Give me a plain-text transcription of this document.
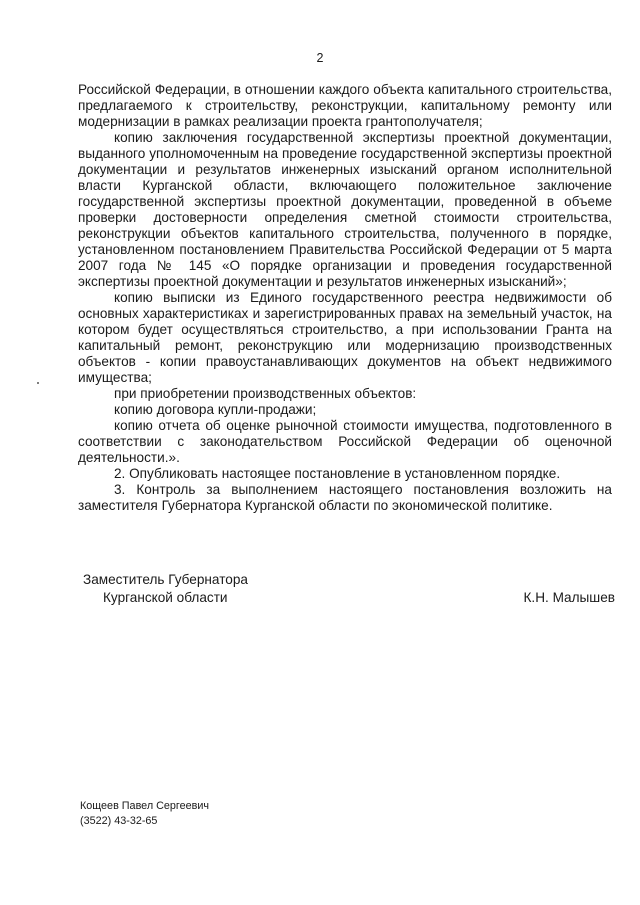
2

Российской Федерации, в отношении каждого объекта капитального строительства, предлагаемого к строительству, реконструкции, капитальному ремонту или модернизации в рамках реализации проекта грантополучателя;

копию заключения государственной экспертизы проектной документации, выданного уполномоченным на проведение государственной экспертизы проектной документации и результатов инженерных изысканий органом исполнительной власти Курганской области, включающего положительное заключение государственной экспертизы проектной документации, проведенной в объеме проверки достоверности определения сметной стоимости строительства, реконструкции объектов капитального строительства, полученного в порядке, установленном постановлением Правительства Российской Федерации от 5 марта 2007 года № 145 «О порядке организации и проведения государственной экспертизы проектной документации и результатов инженерных изысканий»;

копию выписки из Единого государственного реестра недвижимости об основных характеристиках и зарегистрированных правах на земельный участок, на котором будет осуществляться строительство, а при использовании Гранта на капитальный ремонт, реконструкцию или модернизацию производственных объектов - копии правоустанавливающих документов на объект недвижимого имущества;

при приобретении производственных объектов:

копию договора купли-продажи;

копию отчета об оценке рыночной стоимости имущества, подготовленного в соответствии с законодательством Российской Федерации об оценочной деятельности.».

2. Опубликовать настоящее постановление в установленном порядке.

3. Контроль за выполнением настоящего постановления возложить на заместителя Губернатора Курганской области по экономической политике.

Заместитель Губернатора
Курганской области	К.Н. Малышев
Кощеев Павел Сергеевич
(3522) 43-32-65
